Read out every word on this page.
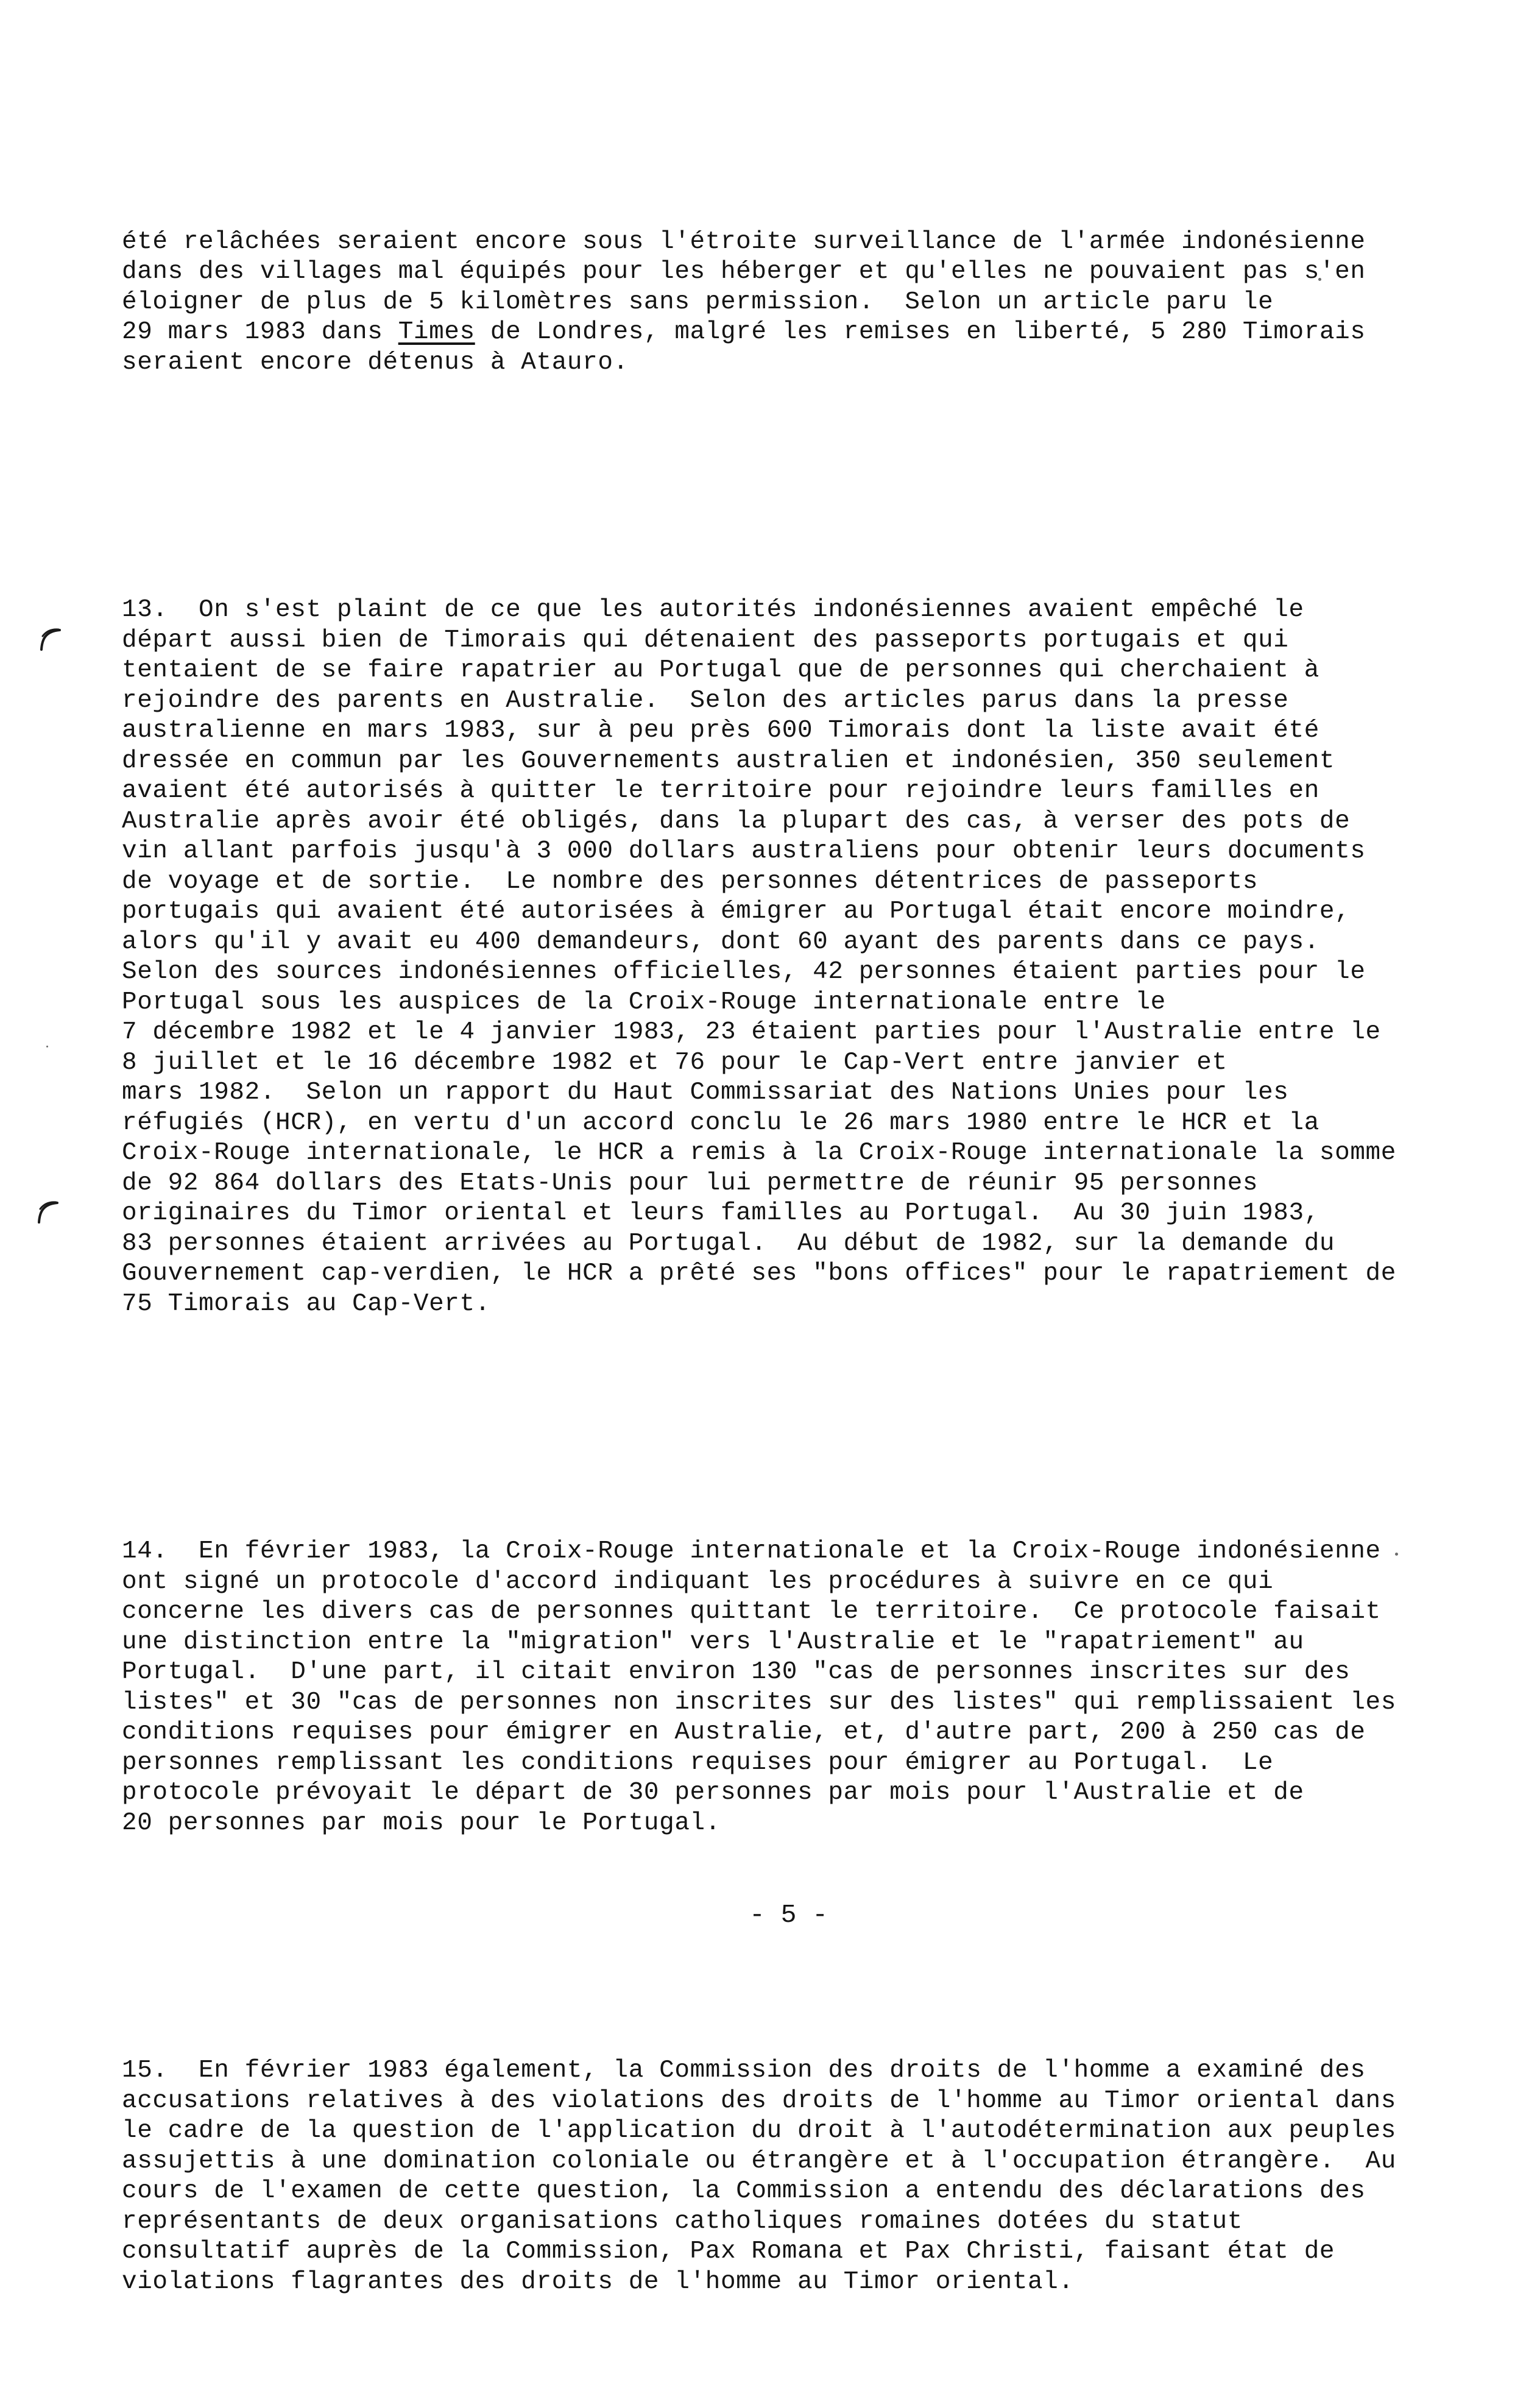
été relâchées seraient encore sous l'étroite surveillance de l'armée indonésienne
dans des villages mal équipés pour les héberger et qu'elles ne pouvaient pas s'en
éloigner de plus de 5 kilomètres sans permission.  Selon un article paru le
29 mars 1983 dans Times de Londres, malgré les remises en liberté, 5 280 Timorais
seraient encore détenus à Atauro.

13.  On s'est plaint de ce que les autorités indonésiennes avaient empêché le
départ aussi bien de Timorais qui détenaient des passeports portugais et qui
tentaient de se faire rapatrier au Portugal que de personnes qui cherchaient à
rejoindre des parents en Australie.  Selon des articles parus dans la presse
australienne en mars 1983, sur à peu près 600 Timorais dont la liste avait été
dressée en commun par les Gouvernements australien et indonésien, 350 seulement
avaient été autorisés à quitter le territoire pour rejoindre leurs familles en
Australie après avoir été obligés, dans la plupart des cas, à verser des pots de
vin allant parfois jusqu'à 3 000 dollars australiens pour obtenir leurs documents
de voyage et de sortie.  Le nombre des personnes détentrices de passeports
portugais qui avaient été autorisées à émigrer au Portugal était encore moindre,
alors qu'il y avait eu 400 demandeurs, dont 60 ayant des parents dans ce pays.
Selon des sources indonésiennes officielles, 42 personnes étaient parties pour le
Portugal sous les auspices de la Croix-Rouge internationale entre le
7 décembre 1982 et le 4 janvier 1983, 23 étaient parties pour l'Australie entre le
8 juillet et le 16 décembre 1982 et 76 pour le Cap-Vert entre janvier et
mars 1982.  Selon un rapport du Haut Commissariat des Nations Unies pour les
réfugiés (HCR), en vertu d'un accord conclu le 26 mars 1980 entre le HCR et la
Croix-Rouge internationale, le HCR a remis à la Croix-Rouge internationale la somme
de 92 864 dollars des Etats-Unis pour lui permettre de réunir 95 personnes
originaires du Timor oriental et leurs familles au Portugal.  Au 30 juin 1983,
83 personnes étaient arrivées au Portugal.  Au début de 1982, sur la demande du
Gouvernement cap-verdien, le HCR a prêté ses "bons offices" pour le rapatriement de
75 Timorais au Cap-Vert.

14.  En février 1983, la Croix-Rouge internationale et la Croix-Rouge indonésienne
ont signé un protocole d'accord indiquant les procédures à suivre en ce qui
concerne les divers cas de personnes quittant le territoire.  Ce protocole faisait
une distinction entre la "migration" vers l'Australie et le "rapatriement" au
Portugal.  D'une part, il citait environ 130 "cas de personnes inscrites sur des
listes" et 30 "cas de personnes non inscrites sur des listes" qui remplissaient les
conditions requises pour émigrer en Australie, et, d'autre part, 200 à 250 cas de
personnes remplissant les conditions requises pour émigrer au Portugal.  Le
protocole prévoyait le départ de 30 personnes par mois pour l'Australie et de
20 personnes par mois pour le Portugal.

15.  En février 1983 également, la Commission des droits de l'homme a examiné des
accusations relatives à des violations des droits de l'homme au Timor oriental dans
le cadre de la question de l'application du droit à l'autodétermination aux peuples
assujettis à une domination coloniale ou étrangère et à l'occupation étrangère.  Au
cours de l'examen de cette question, la Commission a entendu des déclarations des
représentants de deux organisations catholiques romaines dotées du statut
consultatif auprès de la Commission, Pax Romana et Pax Christi, faisant état de
violations flagrantes des droits de l'homme au Timor oriental.

- 5 -
